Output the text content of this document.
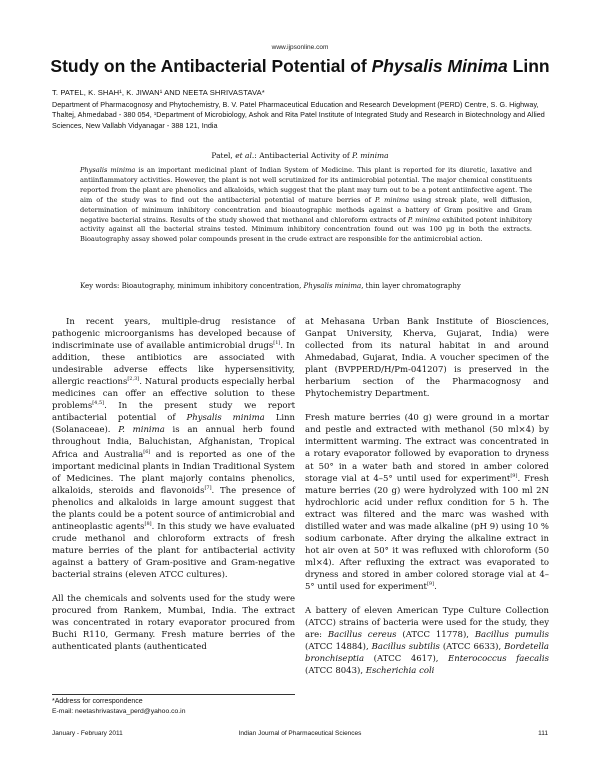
www.ijpsonline.com
Study on the Antibacterial Potential of Physalis Minima Linn
T. PATEL, K. SHAH¹, K. JIWAN¹ AND NEETA SHRIVASTAVA*
Department of Pharmacognosy and Phytochemistry, B. V. Patel Pharmaceutical Education and Research Development (PERD) Centre, S. G. Highway, Thaltej, Ahmedabad - 380 054, ¹Department of Microbiology, Ashok and Rita Patel Institute of Integrated Study and Research in Biotechnology and Allied Sciences, New Vallabh Vidyanagar - 388 121, India
Patel, et al.: Antibacterial Activity of P. minima
Physalis minima is an important medicinal plant of Indian System of Medicine. This plant is reported for its diuretic, laxative and antiinflammatory activities. However, the plant is not well scrutinized for its antimicrobial potential. The major chemical constituents reported from the plant are phenolics and alkaloids, which suggest that the plant may turn out to be a potent antiinfective agent. The aim of the study was to find out the antibacterial potential of mature berries of P. minima using streak plate, well diffusion, determination of minimum inhibitory concentration and bioautographic methods against a battery of Gram positive and Gram negative bacterial strains. Results of the study showed that methanol and chloroform extracts of P. minima exhibited potent inhibitory activity against all the bacterial strains tested. Minimum inhibitory concentration found out was 100 μg in both the extracts. Bioautography assay showed polar compounds present in the crude extract are responsible for the antimicrobial action.
Key words: Bioautography, minimum inhibitory concentration, Physalis minima, thin layer chromatography

In recent years, multiple-drug resistance of pathogenic microorganisms has developed because of indiscriminate use of available antimicrobial drugs[1]. In addition, these antibiotics are associated with undesirable adverse effects like hypersensitivity, allergic reactions[2,3]. Natural products especially herbal medicines can offer an effective solution to these problems[4,5]. In the present study we report antibacterial potential of Physalis minima Linn (Solanaceae). P. minima is an annual herb found throughout India, Baluchistan, Afghanistan, Tropical Africa and Australia[6] and is reported as one of the important medicinal plants in Indian Traditional System of Medicines. The plant majorly contains phenolics, alkaloids, steroids and flavonoids[7]. The presence of phenolics and alkaloids in large amount suggest that the plants could be a potent source of antimicrobial and antineoplastic agents[8]. In this study we have evaluated crude methanol and chloroform extracts of fresh mature berries of the plant for antibacterial activity against a battery of Gram-positive and Gram-negative bacterial strains (eleven ATCC cultures).

All the chemicals and solvents used for the study were procured from Rankem, Mumbai, India. The extract was concentrated in rotary evaporator procured from Buchi R110, Germany. Fresh mature berries of the authenticated plants (authenticated

at Mehasana Urban Bank Institute of Biosciences, Ganpat University, Kherva, Gujarat, India) were collected from its natural habitat in and around Ahmedabad, Gujarat, India. A voucher specimen of the plant (BVPPERD/H/Pm-041207) is preserved in the herbarium section of the Pharmacognosy and Phytochemistry Department.

Fresh mature berries (40 g) were ground in a mortar and pestle and extracted with methanol (50 ml×4) by intermittent warming. The extract was concentrated in a rotary evaporator followed by evaporation to dryness at 50° in a water bath and stored in amber colored storage vial at 4–5° until used for experiment[9]. Fresh mature berries (20 g) were hydrolyzed with 100 ml 2N hydrochloric acid under reflux condition for 5 h. The extract was filtered and the marc was washed with distilled water and was made alkaline (pH 9) using 10 % sodium carbonate. After drying the alkaline extract in hot air oven at 50° it was refluxed with chloroform (50 ml×4). After refluxing the extract was evaporated to dryness and stored in amber colored storage vial at 4–5° until used for experiment[9].

A battery of eleven American Type Culture Collection (ATCC) strains of bacteria were used for the study, they are: Bacillus cereus (ATCC 11778), Bacillus pumulis (ATCC 14884), Bacillus subtilis (ATCC 6633), Bordetella bronchiseptia (ATCC 4617), Enterococcus faecalis (ATCC 8043), Escherichia coli

*Address for correspondence
E-mail: neetashrivastava_perd@yahoo.co.in
January - February 2011	Indian Journal of Pharmaceutical Sciences	111
